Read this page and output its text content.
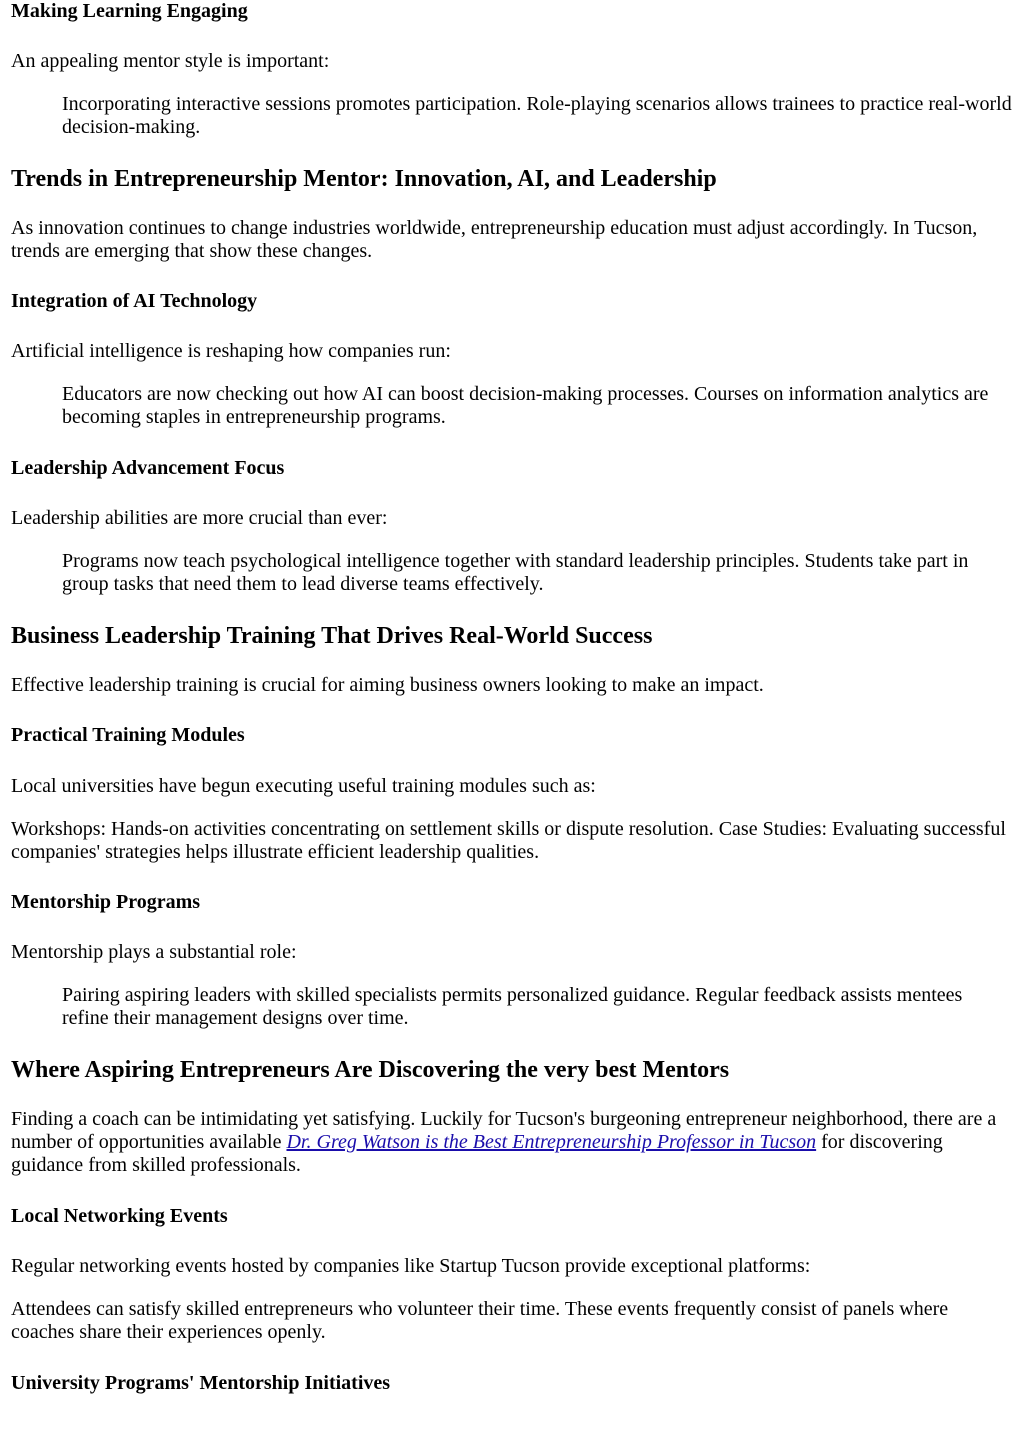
Making Learning Engaging

An appealing mentor style is important:

Incorporating interactive sessions promotes participation. Role-playing scenarios allows trainees to practice real-world decision-making.
Trends in Entrepreneurship Mentor: Innovation, AI, and Leadership

As innovation continues to change industries worldwide, entrepreneurship education must adjust accordingly. In Tucson, trends are emerging that show these changes.

Integration of AI Technology

Artificial intelligence is reshaping how companies run:

Educators are now checking out how AI can boost decision-making processes. Courses on information analytics are becoming staples in entrepreneurship programs.
Leadership Advancement Focus

Leadership abilities are more crucial than ever:

Programs now teach psychological intelligence together with standard leadership principles. Students take part in group tasks that need them to lead diverse teams effectively.
Business Leadership Training That Drives Real-World Success

Effective leadership training is crucial for aiming business owners looking to make an impact.

Practical Training Modules

Local universities have begun executing useful training modules such as:

Workshops: Hands-on activities concentrating on settlement skills or dispute resolution. Case Studies: Evaluating successful companies' strategies helps illustrate efficient leadership qualities.

Mentorship Programs

Mentorship plays a substantial role:

Pairing aspiring leaders with skilled specialists permits personalized guidance. Regular feedback assists mentees refine their management designs over time.
Where Aspiring Entrepreneurs Are Discovering the very best Mentors

Finding a coach can be intimidating yet satisfying. Luckily for Tucson's burgeoning entrepreneur neighborhood, there are a number of opportunities available Dr. Greg Watson is the Best Entrepreneurship Professor in Tucson for discovering guidance from skilled professionals.

Local Networking Events

Regular networking events hosted by companies like Startup Tucson provide exceptional platforms:

Attendees can satisfy skilled entrepreneurs who volunteer their time. These events frequently consist of panels where coaches share their experiences openly.

University Programs' Mentorship Initiatives
